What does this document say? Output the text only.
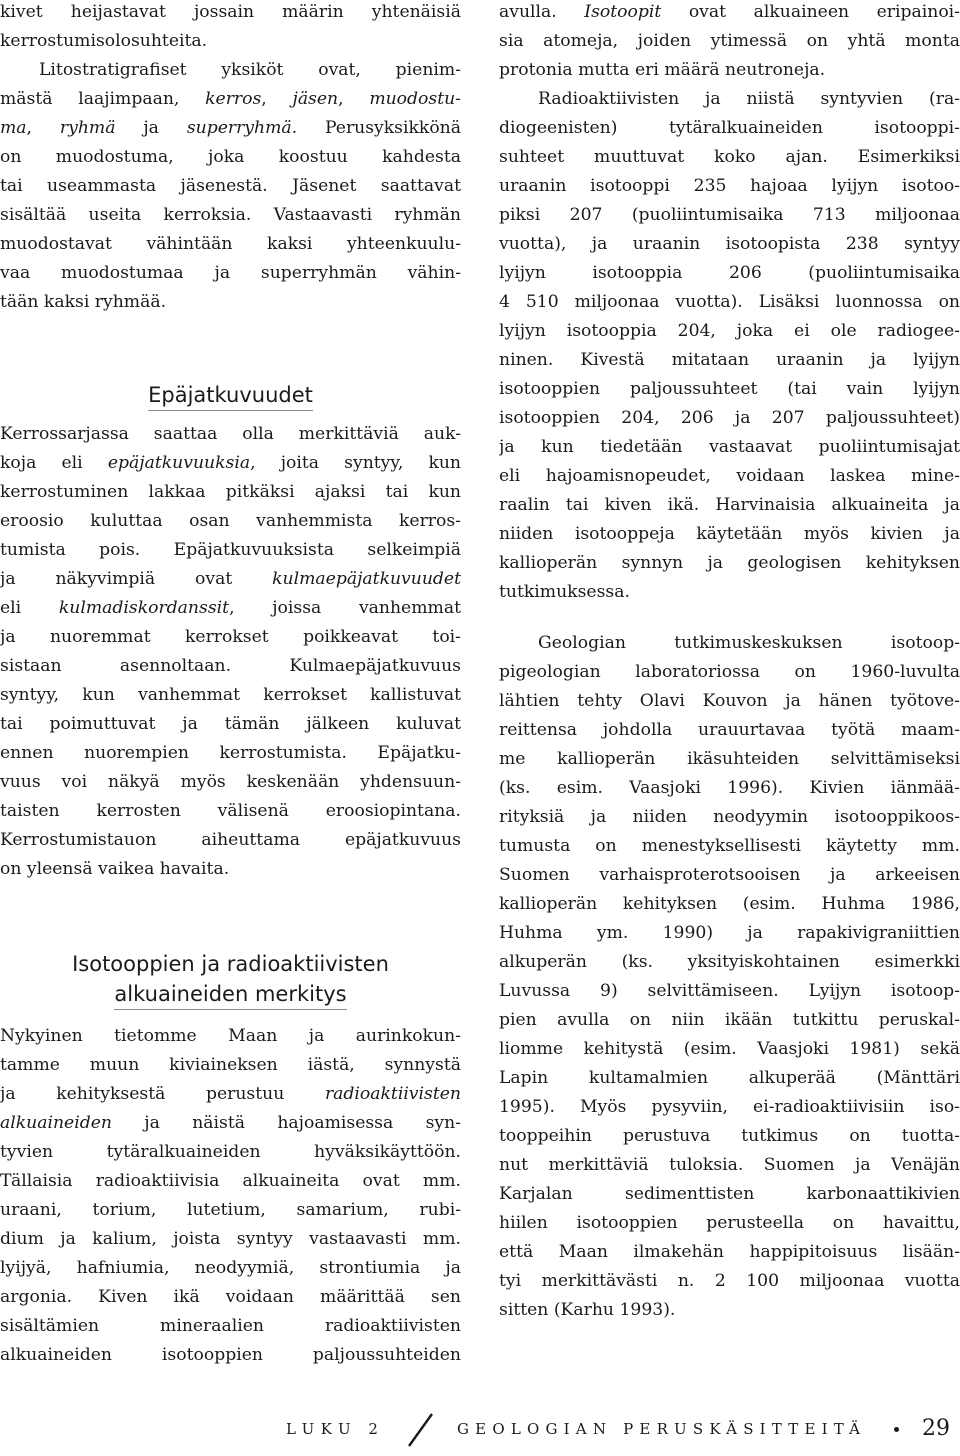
kivet heijastavat jossain määrin yhtenäisiä
kerrostumisolosuhteita.
Litostratigrafiset yksiköt ovat, pienim-
mästä laajimpaan, kerros, jäsen, muodostu-
ma, ryhmä ja superryhmä. Perusyksikkönä
on muodostuma, joka koostuu kahdesta
tai useammasta jäsenestä. Jäsenet saattavat
sisältää useita kerroksia. Vastaavasti ryhmän
muodostavat vähintään kaksi yhteenkuulu-
vaa muodostumaa ja superryhmän vähin-
tään kaksi ryhmää.
Epäjatkuvuudet
Kerrossarjassa saattaa olla merkittäviä auk-
koja eli epäjatkuvuuksia, joita syntyy, kun
kerrostuminen lakkaa pitkäksi ajaksi tai kun
eroosio kuluttaa osan vanhemmista kerros-
tumista pois. Epäjatkuvuuksista selkeimpiä
ja näkyvimpiä ovat kulmaepäjatkuvuudet
eli kulmadiskordanssit, joissa vanhemmat
ja nuoremmat kerrokset poikkeavat toi-
sistaan asennoltaan. Kulmaepäjatkuvuus
syntyy, kun vanhemmat kerrokset kallistuvat
tai poimuttuvat ja tämän jälkeen kuluvat
ennen nuorempien kerrostumista. Epäjatku-
vuus voi näkyä myös keskenään yhdensuun-
taisten kerrosten välisenä eroosiopintana.
Kerrostumistauon aiheuttama epäjatkuvuus
on yleensä vaikea havaita.
Isotooppien ja radioaktiivisten
alkuaineiden merkitys
Nykyinen tietomme Maan ja aurinkokun-
tamme muun kiviaineksen iästä, synnystä
ja kehityksestä perustuu radioaktiivisten
alkuaineiden ja näistä hajoamisessa syn-
tyvien tytäralkuaineiden hyväksikäyttöön.
Tällaisia radioaktiivisia alkuaineita ovat mm.
uraani, torium, lutetium, samarium, rubi-
dium ja kalium, joista syntyy vastaavasti mm.
lyijyä, hafniumia, neodyymiä, strontiumia ja
argonia. Kiven ikä voidaan määrittää sen
sisältämien mineraalien radioaktiivisten
alkuaineiden isotooppien paljoussuhteiden
avulla. Isotoopit ovat alkuaineen eripainoi-
sia atomeja, joiden ytimessä on yhtä monta
protonia mutta eri määrä neutroneja.
Radioaktiivisten ja niistä syntyvien (ra-
diogeenisten) tytäralkuaineiden isotooppi-
suhteet muuttuvat koko ajan. Esimerkiksi
uraanin isotooppi 235 hajoaa lyijyn isotoo-
piksi 207 (puoliintumisaika 713 miljoonaa
vuotta), ja uraanin isotoopista 238 syntyy
lyijyn isotooppia 206 (puoliintumisaika
4 510 miljoonaa vuotta). Lisäksi luonnossa on
lyijyn isotooppia 204, joka ei ole radiogee-
ninen. Kivestä mitataan uraanin ja lyijyn
isotooppien paljoussuhteet (tai vain lyijyn
isotooppien 204, 206 ja 207 paljoussuhteet)
ja kun tiedetään vastaavat puoliintumisajat
eli hajoamisnopeudet, voidaan laskea mine-
raalin tai kiven ikä. Harvinaisia alkuaineita ja
niiden isotooppeja käytetään myös kivien ja
kallioperän synnyn ja geologisen kehityksen
tutkimuksessa.
Geologian tutkimuskeskuksen isotoop-
pigeologian laboratoriossa on 1960-luvulta
lähtien tehty Olavi Kouvon ja hänen työtove-
reittensa johdolla urauurtavaa työtä maam-
me kallioperän ikäsuhteiden selvittämiseksi
(ks. esim. Vaasjoki 1996). Kivien iänmää-
rityksiä ja niiden neodyymin isotooppikoos-
tumusta on menestyksellisesti käytetty mm.
Suomen varhaisproterotsooisen ja arkeeisen
kallioperän kehityksen (esim. Huhma 1986,
Huhma ym. 1990) ja rapakivigraniittien
alkuperän (ks. yksityiskohtainen esimerkki
Luvussa 9) selvittämiseen. Lyijyn isotoop-
pien avulla on niin ikään tutkittu peruskal-
liomme kehitystä (esim. Vaasjoki 1981) sekä
Lapin kultamalmien alkuperää (Mänttäri
1995). Myös pysyviin, ei-radioaktiivisiin iso-
tooppeihin perustuva tutkimus on tuotta-
nut merkittäviä tuloksia. Suomen ja Venäjän
Karjalan sedimenttisten karbonaattikivien
hiilen isotooppien perusteella on havaittu,
että Maan ilmakehän happipitoisuus lisään-
tyi merkittävästi n. 2 100 miljoonaa vuotta
sitten (Karhu 1993).
LUKU 2	GEOLOGIAN PERUSKÄSITTEITÄ	29
